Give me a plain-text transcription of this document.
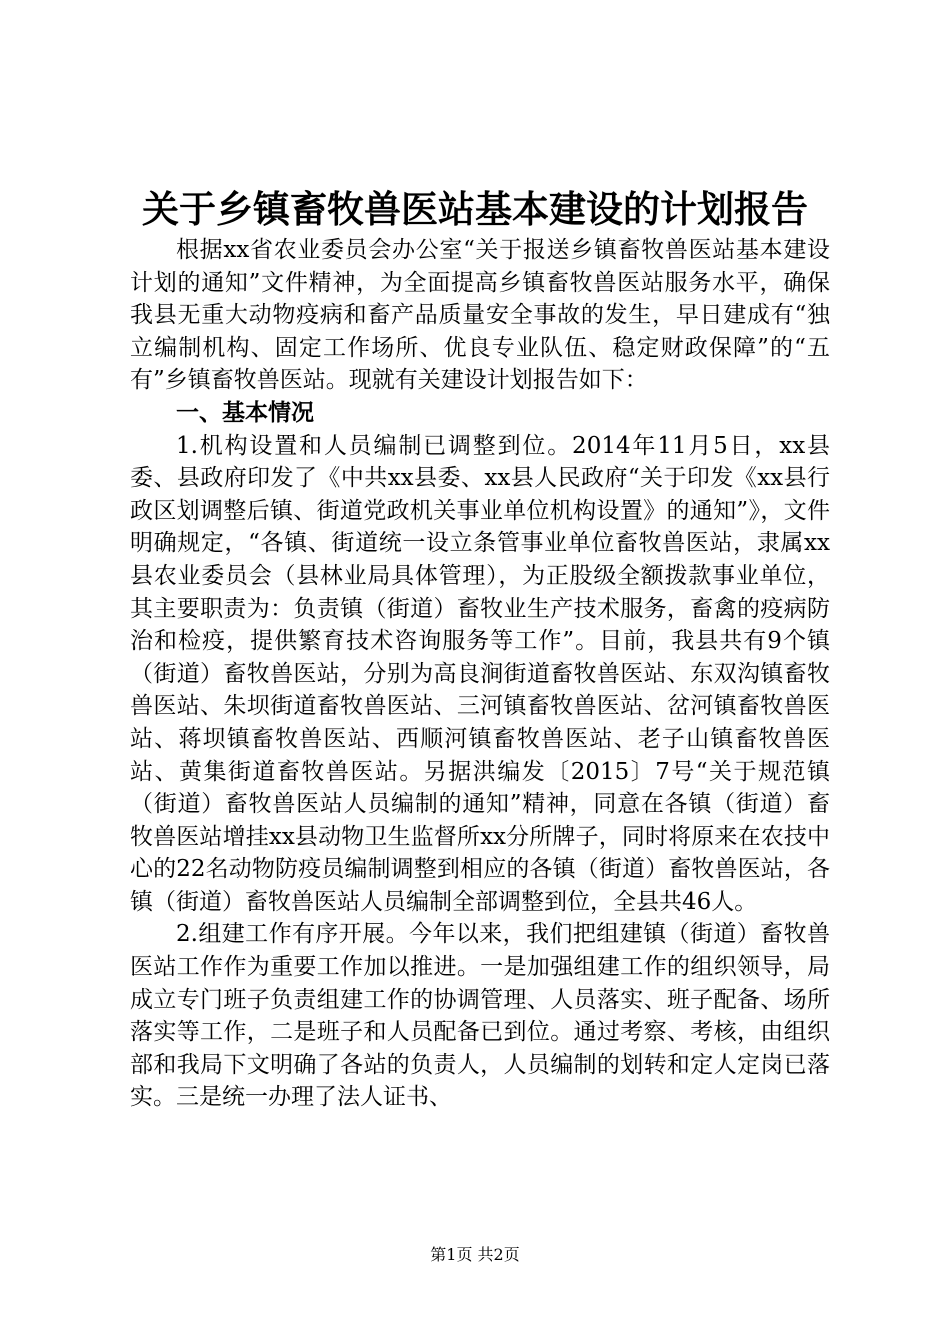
关于乡镇畜牧兽医站基本建设的计划报告

根据xx省农业委员会办公室“关于报送乡镇畜牧兽医站基本建设计划的通知”文件精神，为全面提高乡镇畜牧兽医站服务水平，确保我县无重大动物疫病和畜产品质量安全事故的发生，早日建成有“独立编制机构、固定工作场所、优良专业队伍、稳定财政保障”的“五有”乡镇畜牧兽医站。现就有关建设计划报告如下：

一、基本情况

1.机构设置和人员编制已调整到位。2014年11月5日，xx县委、县政府印发了《中共xx县委、xx县人民政府“关于印发《xx县行政区划调整后镇、街道党政机关事业单位机构设置》的通知”》，文件明确规定，“各镇、街道统一设立条管事业单位畜牧兽医站，隶属xx县农业委员会（县林业局具体管理），为正股级全额拨款事业单位，其主要职责为：负责镇（街道）畜牧业生产技术服务，畜禽的疫病防治和检疫，提供繁育技术咨询服务等工作”。目前，我县共有9个镇（街道）畜牧兽医站，分别为高良涧街道畜牧兽医站、东双沟镇畜牧兽医站、朱坝街道畜牧兽医站、三河镇畜牧兽医站、岔河镇畜牧兽医站、蒋坝镇畜牧兽医站、西顺河镇畜牧兽医站、老子山镇畜牧兽医站、黄集街道畜牧兽医站。另据洪编发〔2015〕7号“关于规范镇（街道）畜牧兽医站人员编制的通知”精神，同意在各镇（街道）畜牧兽医站增挂xx县动物卫生监督所xx分所牌子，同时将原来在农技中心的22名动物防疫员编制调整到相应的各镇（街道）畜牧兽医站，各镇（街道）畜牧兽医站人员编制全部调整到位，全县共46人。

2.组建工作有序开展。今年以来，我们把组建镇（街道）畜牧兽医站工作作为重要工作加以推进。一是加强组建工作的组织领导，局成立专门班子负责组建工作的协调管理、人员落实、班子配备、场所落实等工作，二是班子和人员配备已到位。通过考察、考核，由组织部和我局下文明确了各站的负责人，人员编制的划转和定人定岗已落实。三是统一办理了法人证书、

第1页 共2页
